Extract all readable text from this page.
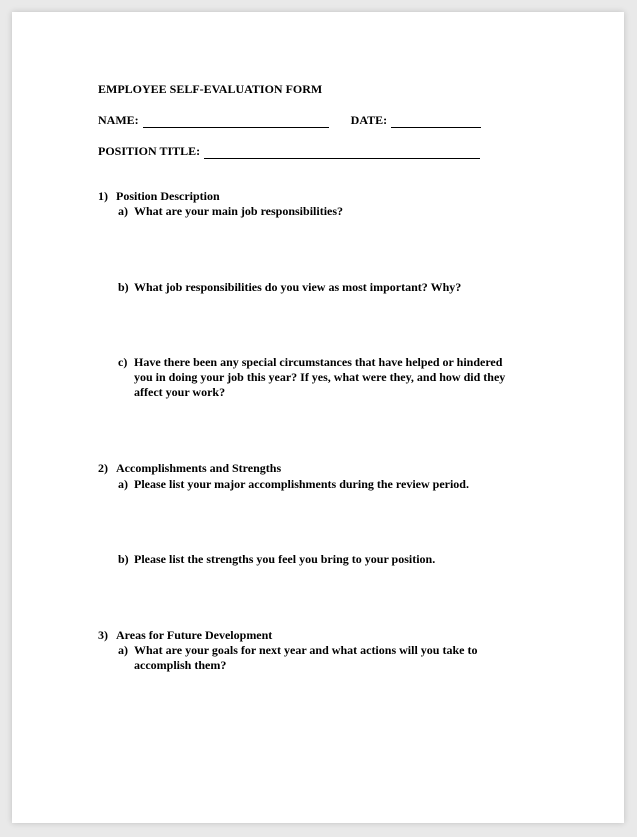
EMPLOYEE SELF-EVALUATION FORM
NAME:	DATE:
POSITION TITLE:
1) Position Description
a) What are your main job responsibilities?
b) What job responsibilities do you view as most important? Why?
c) Have there been any special circumstances that have helped or hindered you in doing your job this year? If yes, what were they, and how did they affect your work?
2) Accomplishments and Strengths
a) Please list your major accomplishments during the review period.
b) Please list the strengths you feel you bring to your position.
3) Areas for Future Development
a) What are your goals for next year and what actions will you take to accomplish them?
